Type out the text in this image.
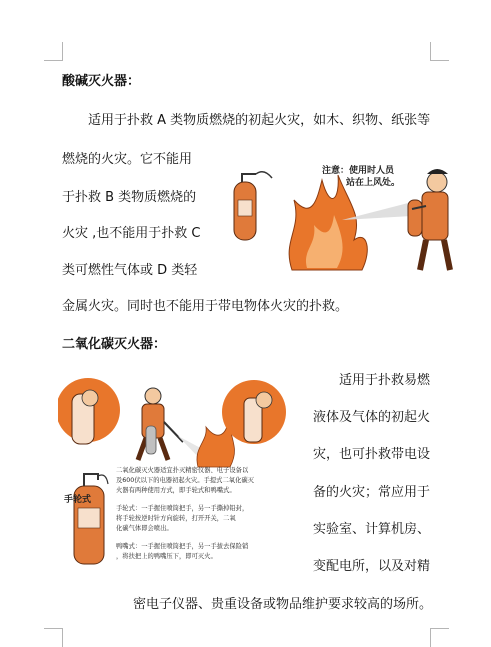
酸碱灭火器：
适用于扑救 A 类物质燃烧的初起火灾，如木、织物、纸张等
燃烧的火灾。它不能用
于扑救 B 类物质燃烧的
火灾 ,也不能用于扑救 C
类可燃性气体或 D 类轻
金属火灾。同时也不能用于带电物体火灾的扑救。
注意：使用时人员
站在上风处。
二氧化碳灭火器：
手轮式
二氧化碳灭火器适宜扑灭精密仪器、电子设备以
及600伏以下的电器初起火灾。手提式二氧化碳灭
火器有两种使用方式，即手轮式和鸭嘴式。
手轮式：一手握住喷筒把手，另一手撕掉铅封，
将手轮按逆时针方向旋转，打开开关，二氧
化碳气体即会喷出。
鸭嘴式：一手握住喷筒把手，另一手拔去保险销
，将扶把上的鸭嘴压下，即可灭火。
适用于扑救易燃
液体及气体的初起火
灾，也可扑救带电设
备的火灾；常应用于
实验室、计算机房、
变配电所，以及对精
密电子仪器、贵重设备或物品维护要求较高的场所。
